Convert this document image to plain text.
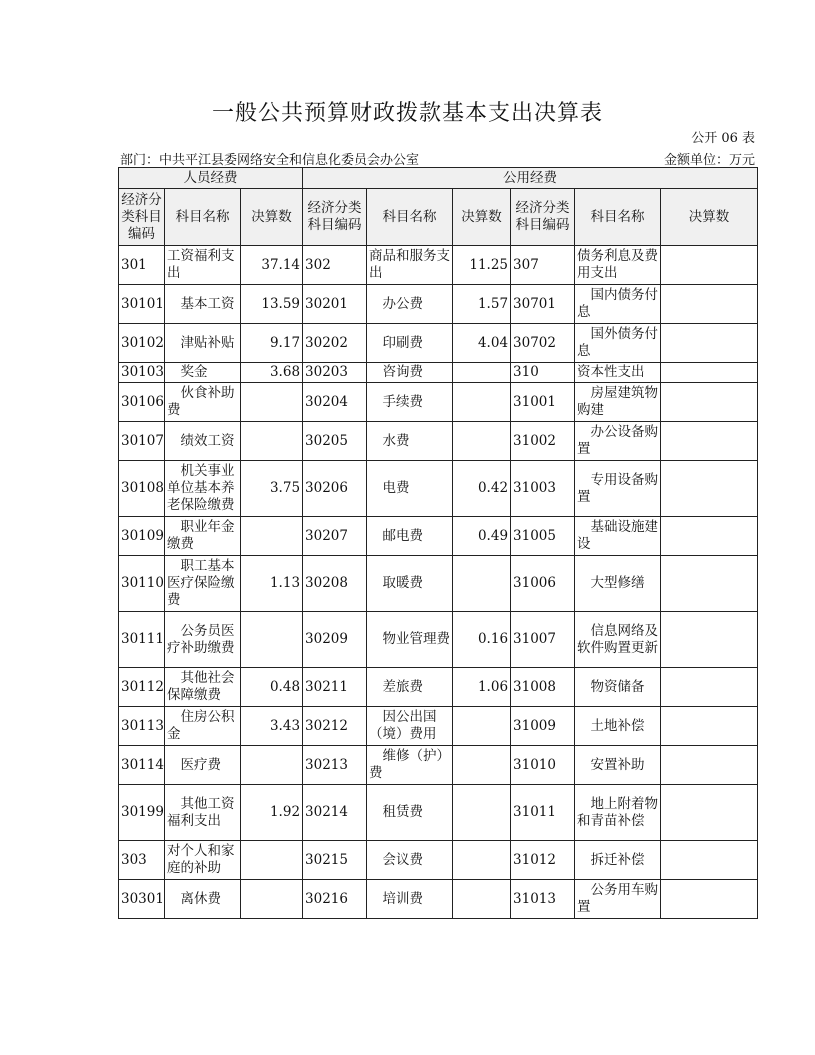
一般公共预算财政拨款基本支出决算表
公开 06 表
部门：中共平江县委网络安全和信息化委员会办公室	金额单位：万元
人员经费			公用经费					
经济分类科目编码	科目名称	决算数	经济分类科目编码	科目名称	决算数	经济分类科目编码	科目名称	决算数
301	工资福利支出	37.14	302	商品和服务支出	11.25	307	债务利息及费用支出	
30101	基本工资	13.59	30201	办公费	1.57	30701	国内债务付息	
30102	津贴补贴	9.17	30202	印刷费	4.04	30702	国外债务付息	
30103	奖金	3.68	30203	咨询费		310	资本性支出	
30106	伙食补助费		30204	手续费		31001	房屋建筑物购建	
30107	绩效工资		30205	水费		31002	办公设备购置	
30108	机关事业单位基本养老保险缴费	3.75	30206	电费	0.42	31003	专用设备购置	
30109	职业年金缴费		30207	邮电费	0.49	31005	基础设施建设	
30110	职工基本医疗保险缴费	1.13	30208	取暖费		31006	大型修缮	
30111	公务员医疗补助缴费		30209	物业管理费	0.16	31007	信息网络及软件购置更新	
30112	其他社会保障缴费	0.48	30211	差旅费	1.06	31008	物资储备	
30113	住房公积金	3.43	30212	因公出国（境）费用		31009	土地补偿	
30114	医疗费		30213	维修（护）费		31010	安置补助	
30199	其他工资福利支出	1.92	30214	租赁费		31011	地上附着物和青苗补偿	
303	对个人和家庭的补助		30215	会议费		31012	拆迁补偿	
30301	离休费		30216	培训费		31013	公务用车购置	
